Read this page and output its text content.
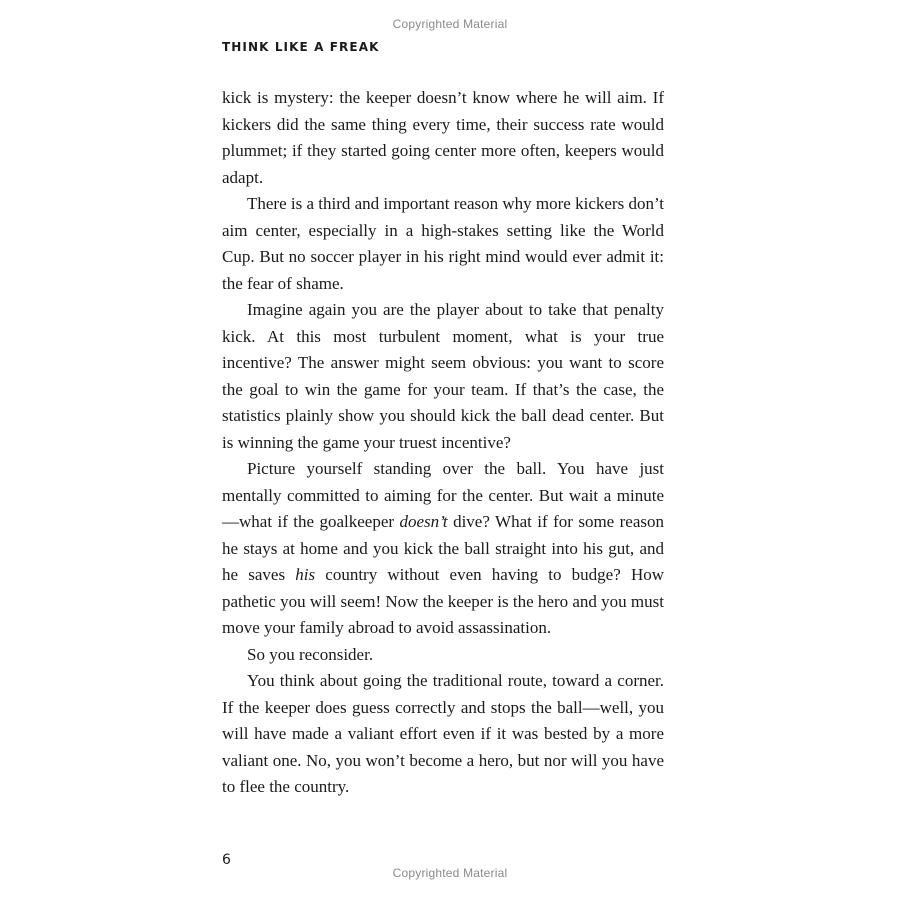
Copyrighted Material
THINK LIKE A FREAK

kick is mystery: the keeper doesn’t know where he will aim. If kickers did the same thing every time, their success rate would plummet; if they started going center more often, keepers would adapt.

There is a third and important reason why more kickers don’t aim center, especially in a high-stakes setting like the World Cup. But no soccer player in his right mind would ever admit it: the fear of shame.

Imagine again you are the player about to take that penalty kick. At this most turbulent moment, what is your true incentive? The answer might seem obvious: you want to score the goal to win the game for your team. If that’s the case, the statistics plainly show you should kick the ball dead center. But is winning the game your truest incentive?

Picture yourself standing over the ball. You have just mentally committed to aiming for the center. But wait a minute—what if the goalkeeper doesn’t dive? What if for some reason he stays at home and you kick the ball straight into his gut, and he saves his country without even having to budge? How pathetic you will seem! Now the keeper is the hero and you must move your family abroad to avoid assassination.

So you reconsider.

You think about going the traditional route, toward a corner. If the keeper does guess correctly and stops the ball—well, you will have made a valiant effort even if it was bested by a more valiant one. No, you won’t become a hero, but nor will you have to flee the country.

6
Copyrighted Material
